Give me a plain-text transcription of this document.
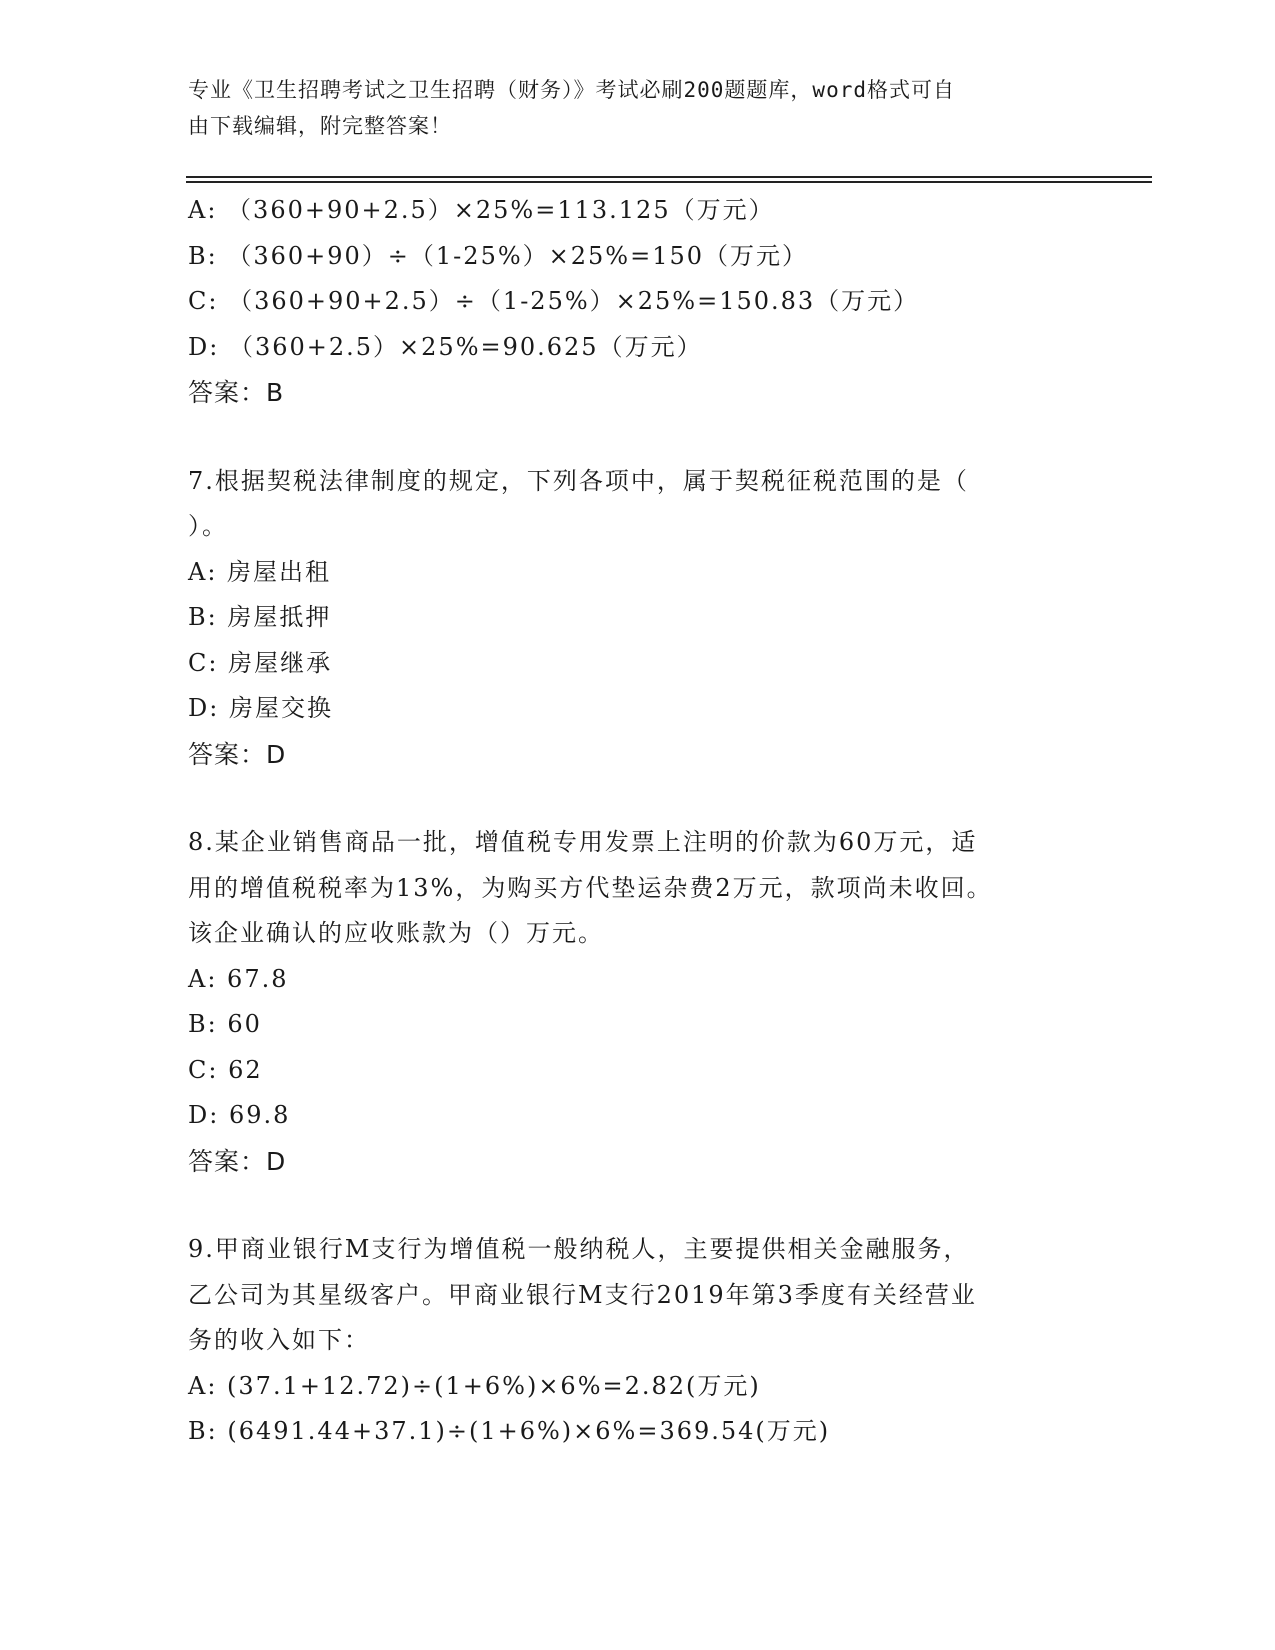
专业《卫生招聘考试之卫生招聘（财务）》考试必刷200题题库，word格式可自
由下载编辑，附完整答案！
A: （360+90+2.5）×25%=113.125（万元）
B: （360+90）÷（1-25%）×25%=150（万元）
C: （360+90+2.5）÷（1-25%）×25%=150.83（万元）
D: （360+2.5）×25%=90.625（万元）
答案：B
7.根据契税法律制度的规定，下列各项中，属于契税征税范围的是（
）。
A: 房屋出租
B: 房屋抵押
C: 房屋继承
D: 房屋交换
答案：D
8.某企业销售商品一批，增值税专用发票上注明的价款为60万元，适
用的增值税税率为13%，为购买方代垫运杂费2万元，款项尚未收回。
该企业确认的应收账款为（）万元。
A: 67.8
B: 60
C: 62
D: 69.8
答案：D
9.甲商业银行M支行为增值税一般纳税人，主要提供相关金融服务，
乙公司为其星级客户。甲商业银行M支行2019年第3季度有关经营业
务的收入如下：
A: (37.1+12.72)÷(1+6%)×6%=2.82(万元)
B: (6491.44+37.1)÷(1+6%)×6%=369.54(万元)
